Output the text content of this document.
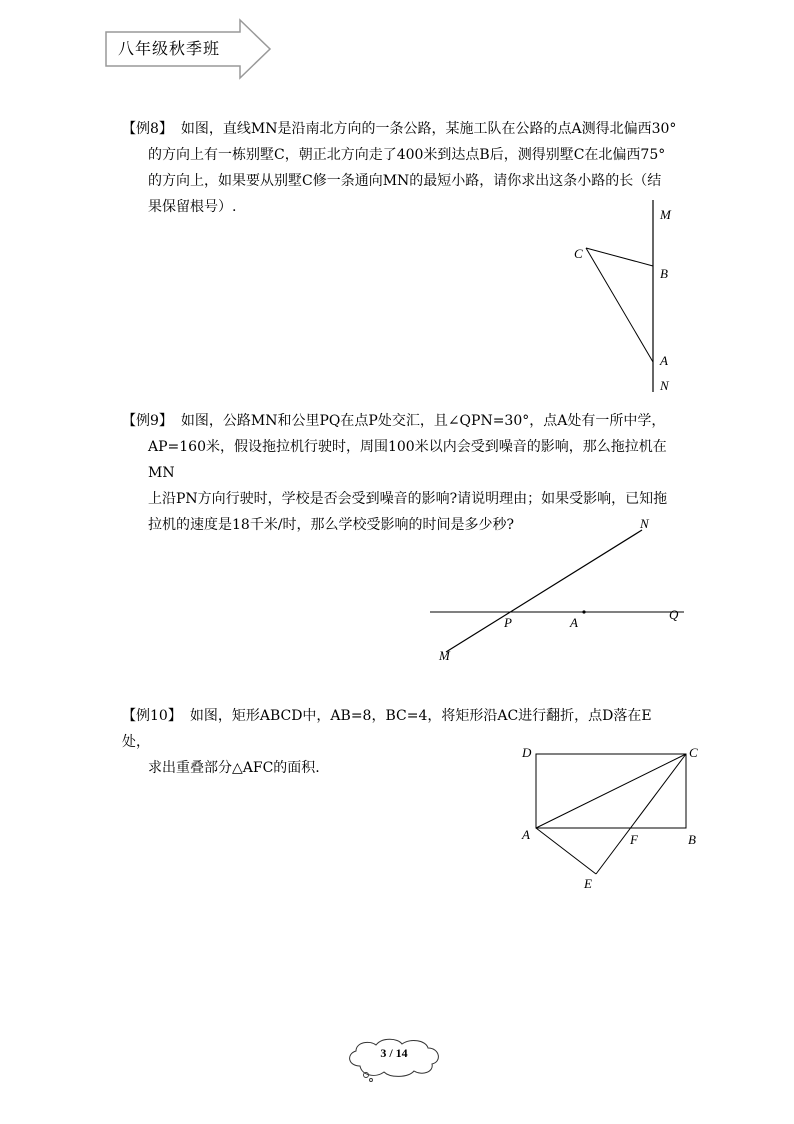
八年级秋季班

【例8】 如图，直线MN是沿南北方向的一条公路，某施工队在公路的点A测得北偏西30°

的方向上有一栋别墅C，朝正北方向走了400米到达点B后，测得别墅C在北偏西75°

的方向上，如果要从别墅C修一条通向MN的最短小路，请你求出这条小路的长（结

果保留根号）.	M
C
B
A
N

【例9】 如图，公路MN和公里PQ在点P处交汇，且∠QPN=30°，点A处有一所中学，

AP=160米，假设拖拉机行驶时，周围100米以内会受到噪音的影响，那么拖拉机在MN

上沿PN方向行驶时，学校是否会受到噪音的影响?请说明理由；如果受影响，已知拖

拉机的速度是18千米/时，那么学校受影响的时间是多少秒?	N
Q
P	A
M

【例10】 如图，矩形ABCD中，AB=8，BC=4，将矩形沿AC进行翻折，点D落在E处，

求出重叠部分△AFC的面积.

D	C
A	F	B
E
3 / 14
